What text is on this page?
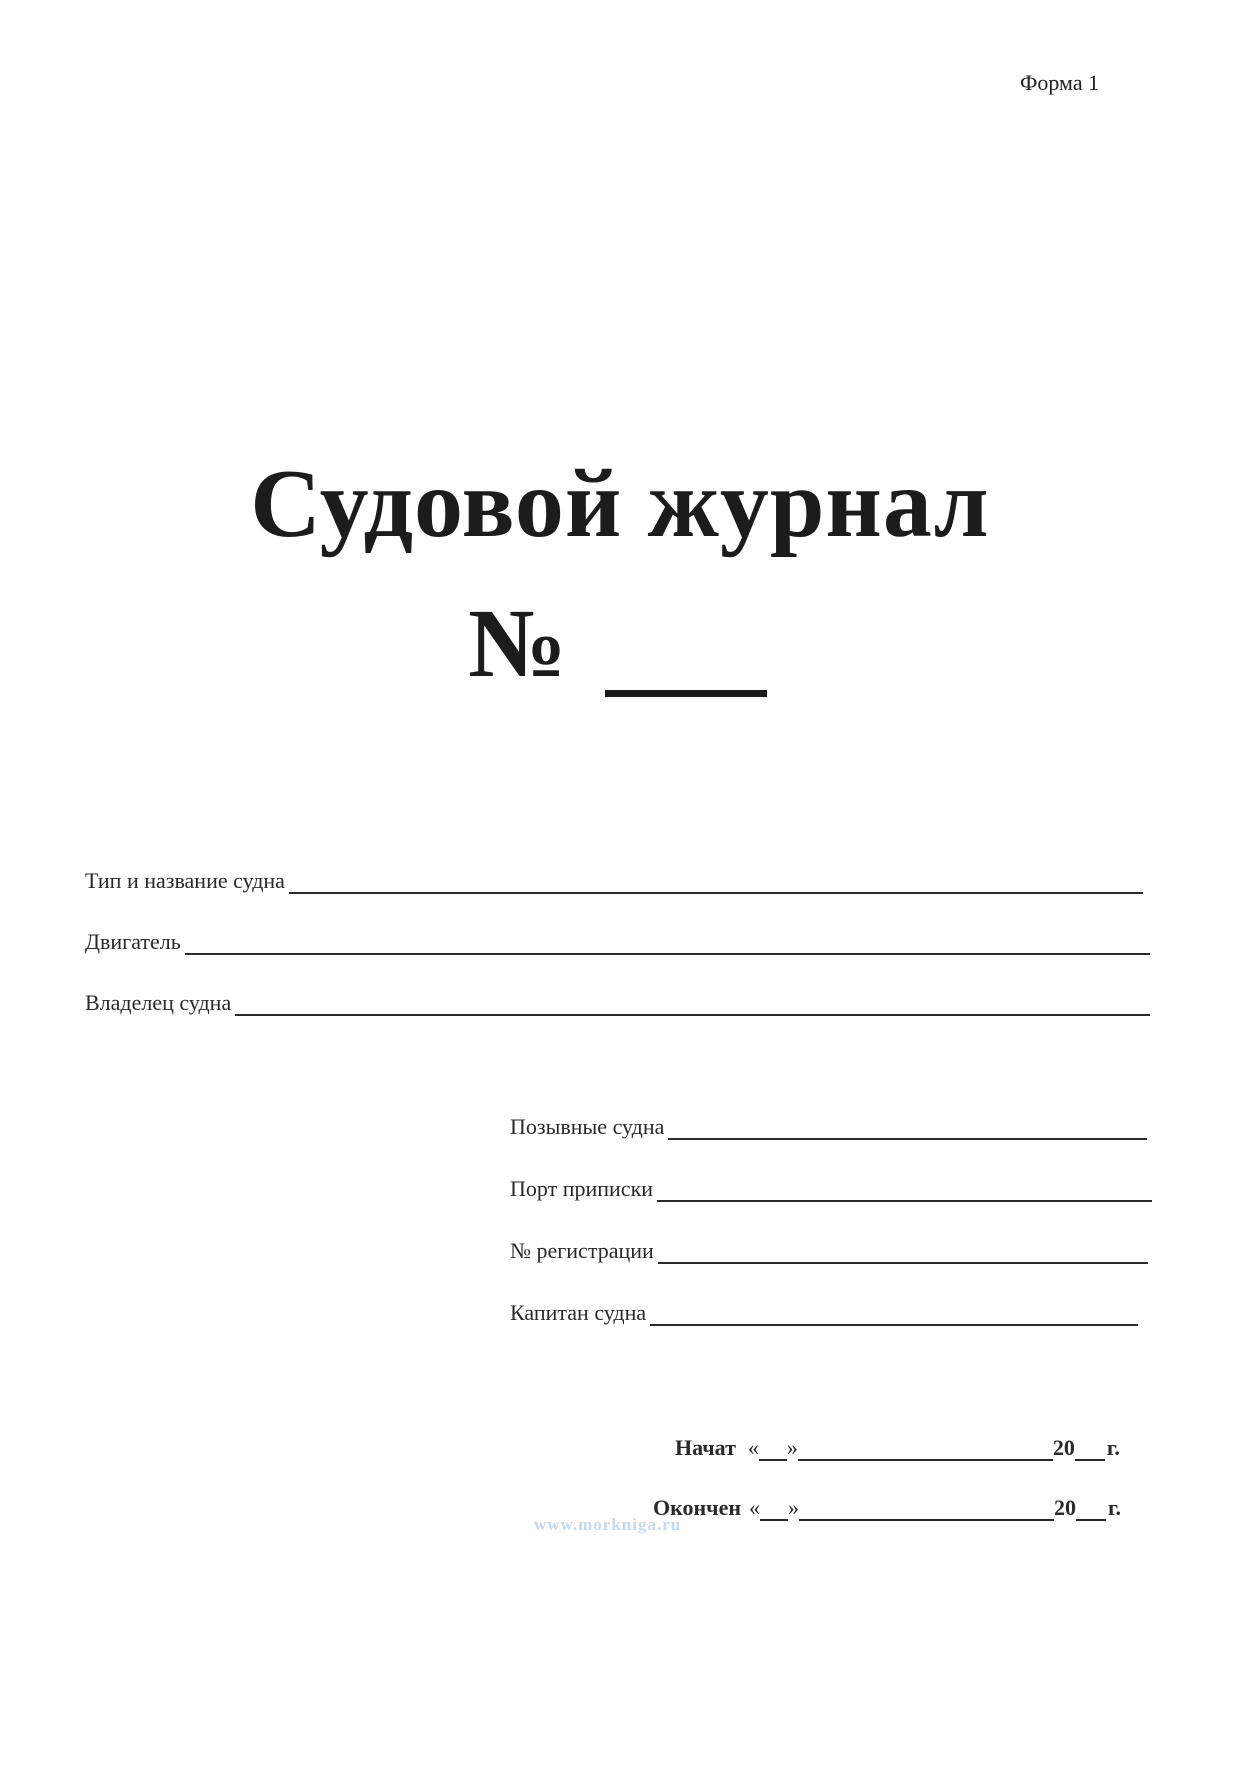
Форма 1
Судовой журнал
№
Тип и название судна
Двигатель
Владелец судна
Позывные судна
Порт приписки
№ регистрации
Капитан судна
Начат « »	20 г.
Окончен « »	20 г.
www.morkniga.ru
